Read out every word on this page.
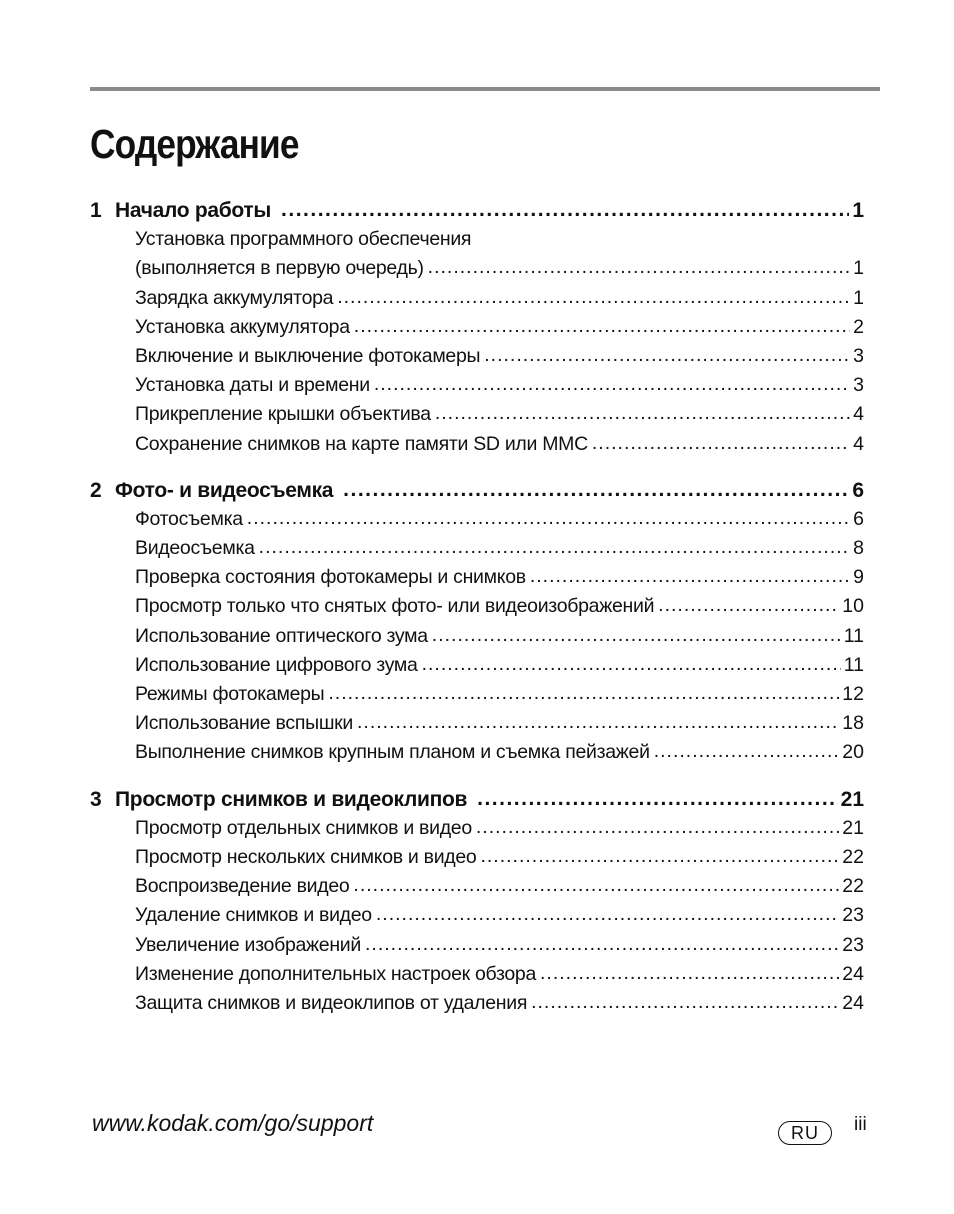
Содержание
1 Начало работы .....	1
Установка программного обеспечения
(выполняется в первую очередь) .....	1
Зарядка аккумулятора .....	1
Установка аккумулятора .....	2
Включение и выключение фотокамеры .....	3
Установка даты и времени .....	3
Прикрепление крышки объектива .....	4
Сохранение снимков на карте памяти SD или MMC .....	4
2 Фото- и видеосъемка .....	6
Фотосъемка .....	6
Видеосъемка .....	8
Проверка состояния фотокамеры и снимков .....	9
Просмотр только что снятых фото- или видеоизображений .....	10
Использование оптического зума .....	11
Использование цифрового зума .....	11
Режимы фотокамеры .....	12
Использование вспышки .....	18
Выполнение снимков крупным планом и съемка пейзажей .....	20
3 Просмотр снимков и видеоклипов .....	21
Просмотр отдельных снимков и видео .....	21
Просмотр нескольких снимков и видео .....	22
Воспроизведение видео .....	22
Удаление снимков и видео .....	23
Увеличение изображений .....	23
Изменение дополнительных настроек обзора .....	24
Защита снимков и видеоклипов от удаления .....	24
www.kodak.com/go/support	RU	iii
